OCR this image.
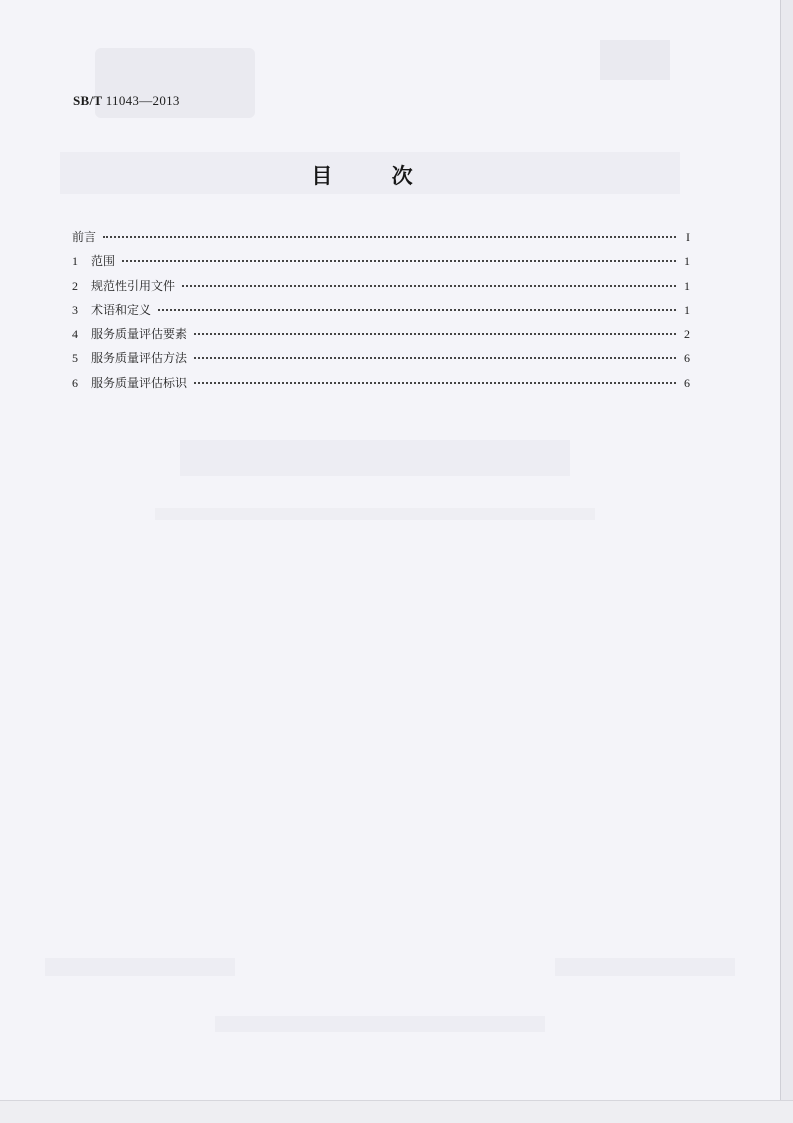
SB/T 11043—2013
目 次
前言	I
1	范围	1
2	规范性引用文件	1
3	术语和定义	1
4	服务质量评估要素	2
5	服务质量评估方法	6
6	服务质量评估标识	6
